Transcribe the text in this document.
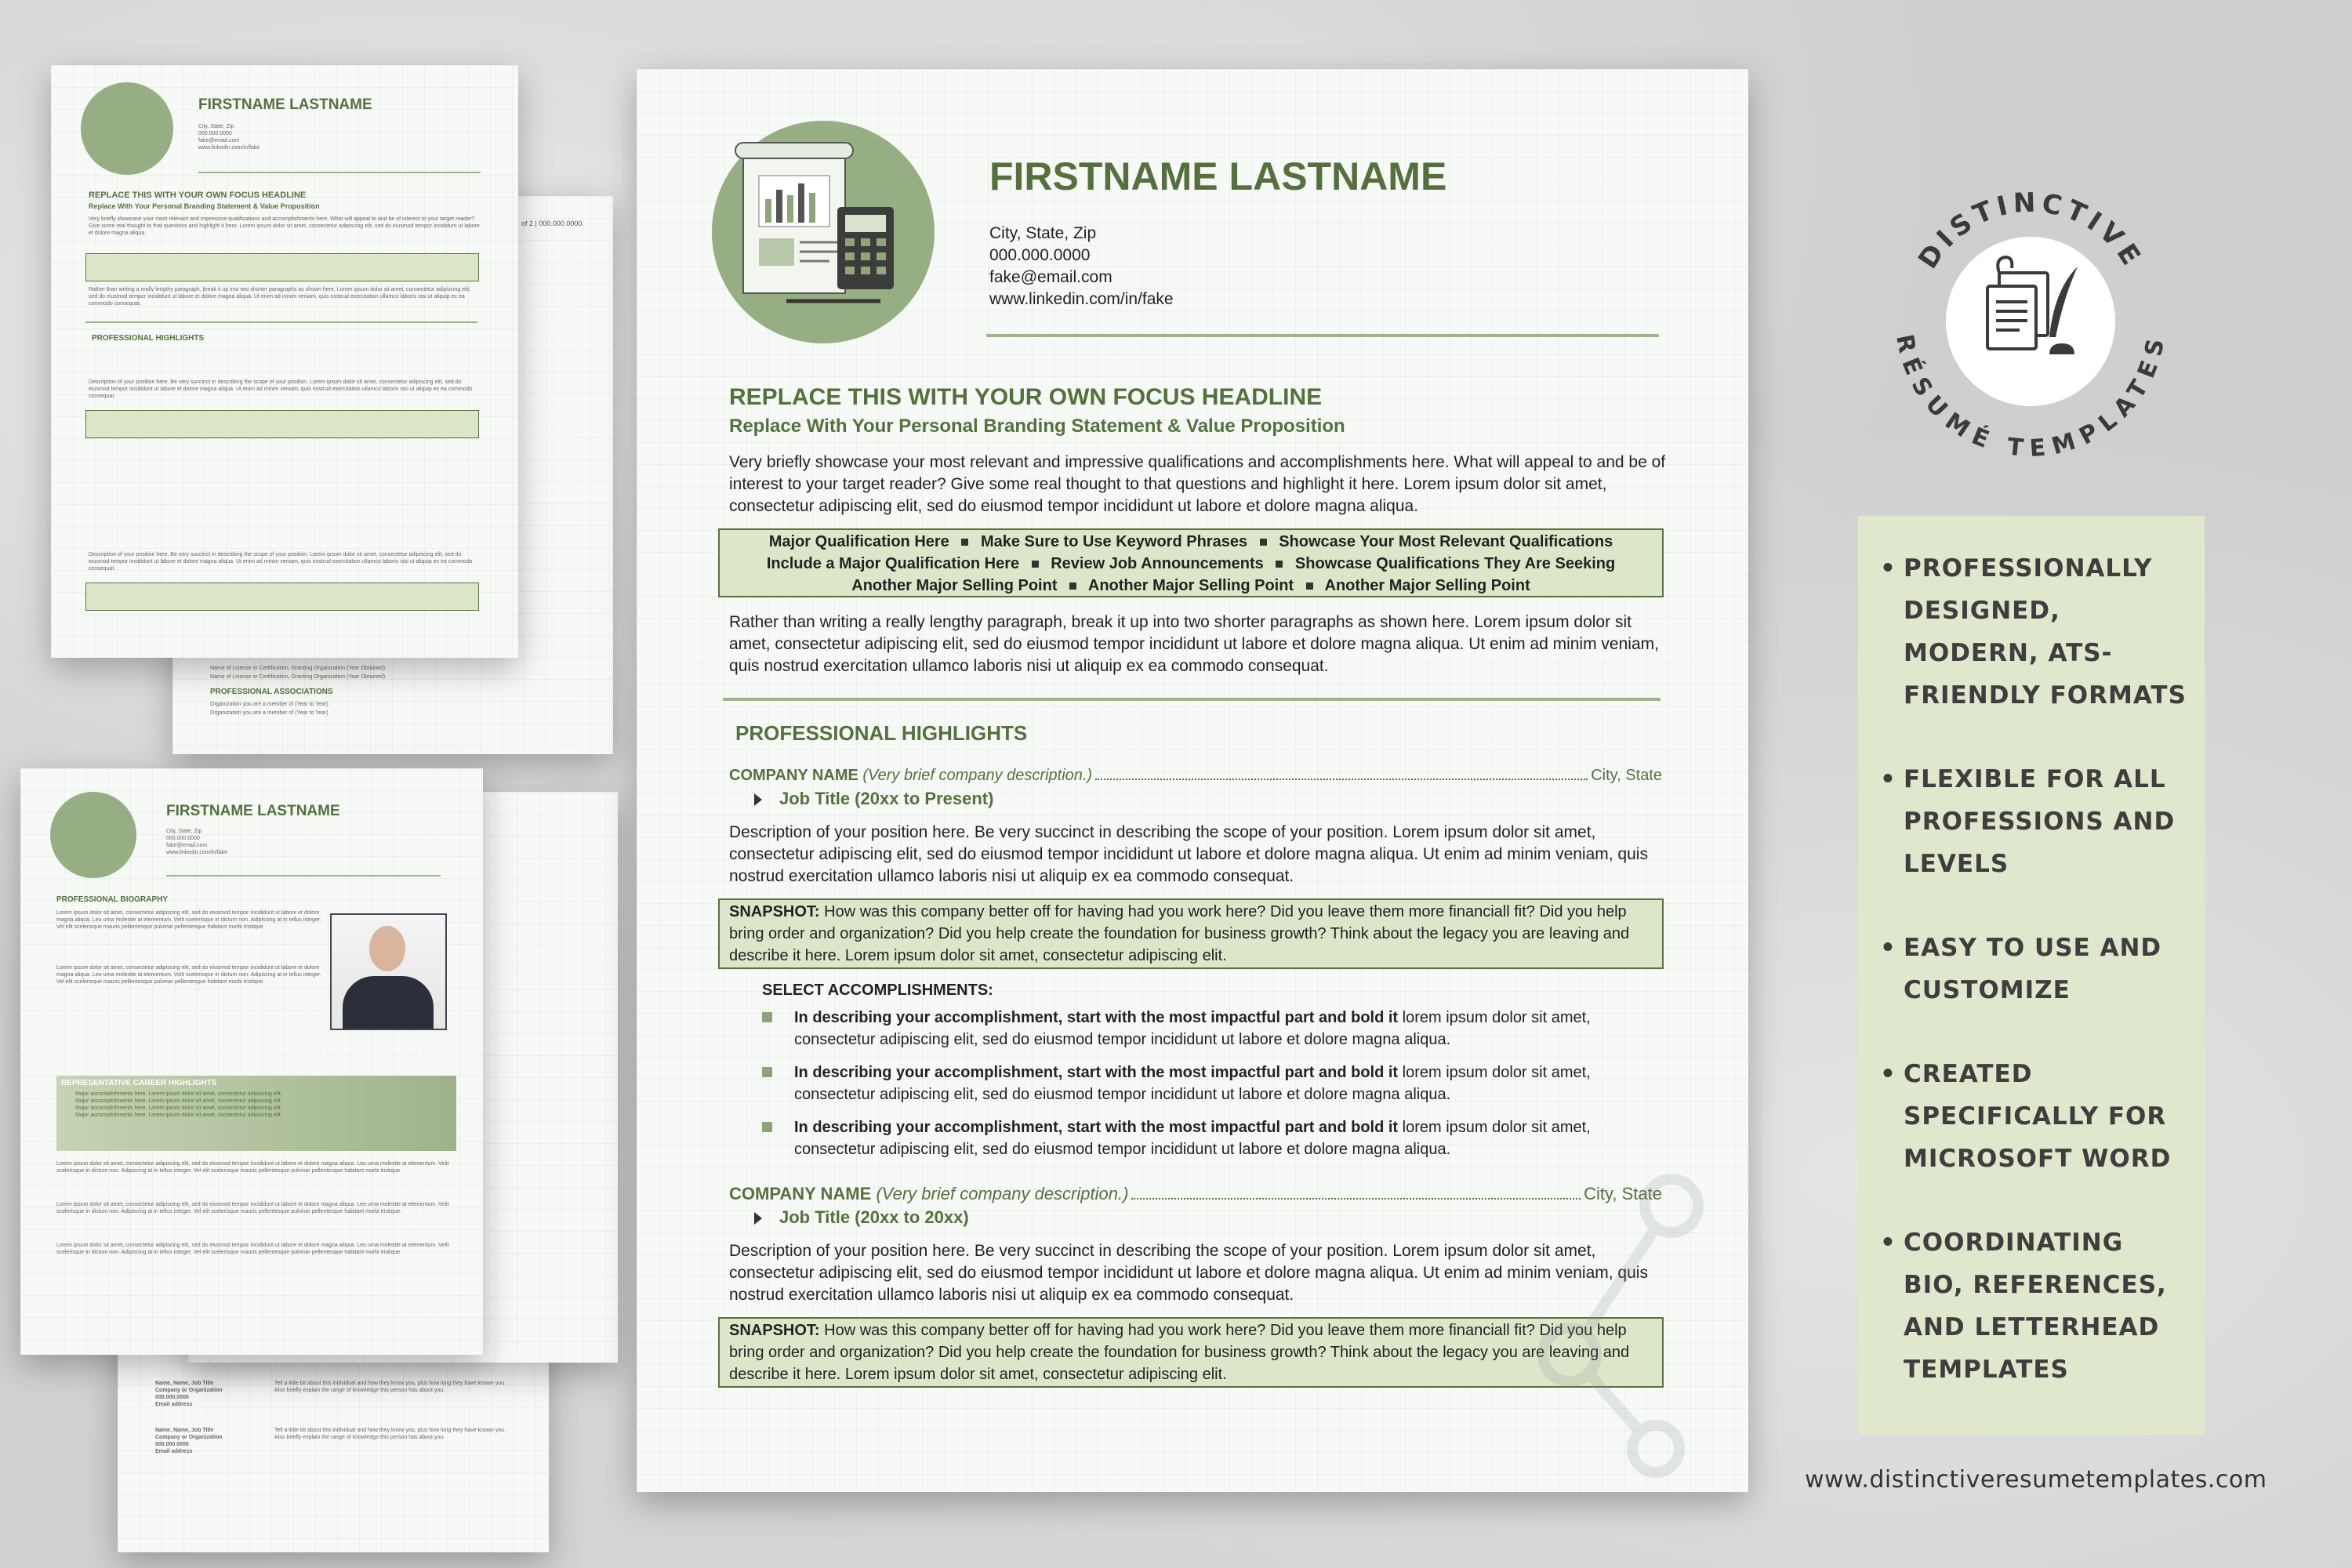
of 2 | 000.000.0000
Name of License or Certification, Granting Organization (Year Obtained)
Name of License or Certification, Granting Organization (Year Obtained)
PROFESSIONAL ASSOCIATIONS
Organization you are a member of (Year to Year)
Organization you are a member of (Year to Year)
FIRSTNAME LASTNAME
City, State, Zip
000.000.0000
fake@email.com
www.linkedin.com/in/fake
REPLACE THIS WITH YOUR OWN FOCUS HEADLINE
Replace With Your Personal Branding Statement & Value Proposition
Very briefly showcase your most relevant and impressive qualifications and accomplishments here. What will appeal to and be of interest to your target reader? Give some real thought to that questions and highlight it here. Lorem ipsum dolor sit amet, consectetur adipiscing elit, sed do eiusmod tempor incididunt ut labore et dolore magna aliqua.
Rather than writing a really lengthy paragraph, break it up into two shorter paragraphs as shown here. Lorem ipsum dolor sit amet, consectetur adipiscing elit, sed do eiusmod tempor incididunt ut labore et dolore magna aliqua. Ut enim ad minim veniam, quis nostrud exercitation ullamco laboris nisi ut aliquip ex ea commodo consequat.
PROFESSIONAL HIGHLIGHTS
Description of your position here. Be very succinct in describing the scope of your position. Lorem ipsum dolor sit amet, consectetur adipiscing elit, sed do eiusmod tempor incididunt ut labore et dolore magna aliqua. Ut enim ad minim veniam, quis nostrud exercitation ullamco laboris nisi ut aliquip ex ea commodo consequat.
Description of your position here. Be very succinct in describing the scope of your position. Lorem ipsum dolor sit amet, consectetur adipiscing elit, sed do eiusmod tempor incididunt ut labore et dolore magna aliqua. Ut enim ad minim veniam, quis nostrud exercitation ullamco laboris nisi ut aliquip ex ea commodo consequat.
Name, Name, Job Title
Company or Organization
000.000.0000
Email address
Tell a little bit about this individual and how they know you, plus how long they have known you. Also briefly explain the range of knowledge this person has about you.
Name, Name, Job Title
Company or Organization
000.000.0000
Email address
Tell a little bit about this individual and how they know you, plus how long they have known you. Also briefly explain the range of knowledge this person has about you.
FIRSTNAME LASTNAME
City, State, Zip
000.000.0000
fake@email.com
www.linkedin.com/in/fake
PROFESSIONAL BIOGRAPHY
Lorem ipsum dolor sit amet, consectetur adipiscing elit, sed do eiusmod tempor incididunt ut labore et dolore magna aliqua. Leo urna molestie at elementum. Velit scelerisque in dictum non. Adipiscing at in tellus integer. Vel elit scelerisque mauris pellentesque pulvinar pellentesque habitant morbi tristique.
Lorem ipsum dolor sit amet, consectetur adipiscing elit, sed do eiusmod tempor incididunt ut labore et dolore magna aliqua. Leo urna molestie at elementum. Velit scelerisque in dictum non. Adipiscing at in tellus integer. Vel elit scelerisque mauris pellentesque pulvinar pellentesque habitant morbi tristique.
REPRESENTATIVE CAREER HIGHLIGHTS
Major accomplishments here. Lorem ipsum dolor sit amet, consectetur adipiscing elit.
Major accomplishments here. Lorem ipsum dolor sit amet, consectetur adipiscing elit.
Major accomplishments here. Lorem ipsum dolor sit amet, consectetur adipiscing elit.
Major accomplishments here. Lorem ipsum dolor sit amet, consectetur adipiscing elit.
Lorem ipsum dolor sit amet, consectetur adipiscing elit, sed do eiusmod tempor incididunt ut labore et dolore magna aliqua. Leo urna molestie at elementum. Velit scelerisque in dictum non. Adipiscing at in tellus integer. Vel elit scelerisque mauris pellentesque pulvinar pellentesque habitant morbi tristique.
Lorem ipsum dolor sit amet, consectetur adipiscing elit, sed do eiusmod tempor incididunt ut labore et dolore magna aliqua. Leo urna molestie at elementum. Velit scelerisque in dictum non. Adipiscing at in tellus integer. Vel elit scelerisque mauris pellentesque pulvinar pellentesque habitant morbi tristique.
Lorem ipsum dolor sit amet, consectetur adipiscing elit, sed do eiusmod tempor incididunt ut labore et dolore magna aliqua. Leo urna molestie at elementum. Velit scelerisque in dictum non. Adipiscing at in tellus integer. Vel elit scelerisque mauris pellentesque pulvinar pellentesque habitant morbi tristique.
FIRSTNAME LASTNAME
City, State, Zip
000.000.0000
fake@email.com
www.linkedin.com/in/fake
REPLACE THIS WITH YOUR OWN FOCUS HEADLINE
Replace With Your Personal Branding Statement & Value Proposition
Very briefly showcase your most relevant and impressive qualifications and accomplishments here. What will appeal to and be of interest to your target reader? Give some real thought to that questions and highlight it here. Lorem ipsum dolor sit amet, consectetur adipiscing elit, sed do eiusmod tempor incididunt ut labore et dolore magna aliqua.
Major Qualification Here Make Sure to Use Keyword Phrases Showcase Your Most Relevant Qualifications
Include a Major Qualification Here Review Job Announcements Showcase Qualifications They Are Seeking
Another Major Selling Point Another Major Selling Point Another Major Selling Point
Rather than writing a really lengthy paragraph, break it up into two shorter paragraphs as shown here. Lorem ipsum dolor sit amet, consectetur adipiscing elit, sed do eiusmod tempor incididunt ut labore et dolore magna aliqua. Ut enim ad minim veniam, quis nostrud exercitation ullamco laboris nisi ut aliquip ex ea commodo consequat.
PROFESSIONAL HIGHLIGHTS
COMPANY NAME
(Very brief company description.)	City, State
Job Title (20xx to Present)
Description of your position here. Be very succinct in describing the scope of your position. Lorem ipsum dolor sit amet, consectetur adipiscing elit, sed do eiusmod tempor incididunt ut labore et dolore magna aliqua. Ut enim ad minim veniam, quis nostrud exercitation ullamco laboris nisi ut aliquip ex ea commodo consequat.
SNAPSHOT: How was this company better off for having had you work here? Did you leave them more financiall fit? Did you help bring order and organization? Did you help create the foundation for business growth? Think about the legacy you are leaving and describe it here. Lorem ipsum dolor sit amet, consectetur adipiscing elit.
SELECT ACCOMPLISHMENTS:
In describing your accomplishment, start with the most impactful part and bold it lorem ipsum dolor sit amet, consectetur adipiscing elit, sed do eiusmod tempor incididunt ut labore et dolore magna aliqua.
In describing your accomplishment, start with the most impactful part and bold it lorem ipsum dolor sit amet, consectetur adipiscing elit, sed do eiusmod tempor incididunt ut labore et dolore magna aliqua.
In describing your accomplishment, start with the most impactful part and bold it lorem ipsum dolor sit amet, consectetur adipiscing elit, sed do eiusmod tempor incididunt ut labore et dolore magna aliqua.
COMPANY NAME
(Very brief company description.)	City, State
Job Title (20xx to 20xx)
Description of your position here. Be very succinct in describing the scope of your position. Lorem ipsum dolor sit amet, consectetur adipiscing elit, sed do eiusmod tempor incididunt ut labore et dolore magna aliqua. Ut enim ad minim veniam, quis nostrud exercitation ullamco laboris nisi ut aliquip ex ea commodo consequat.
SNAPSHOT: How was this company better off for having had you work here? Did you leave them more financiall fit? Did you help bring order and organization? Did you help create the foundation for business growth? Think about the legacy you are leaving and describe it here. Lorem ipsum dolor sit amet, consectetur adipiscing elit.
DISTINCTIVE
RÉSUMÉ TEMPLATES
• PROFESSIONALLY DESIGNED, MODERN, ATS-FRIENDLY FORMATS
• FLEXIBLE FOR ALL PROFESSIONS AND LEVELS
• EASY TO USE AND CUSTOMIZE
• CREATED SPECIFICALLY FOR MICROSOFT WORD
• COORDINATING BIO, REFERENCES, AND LETTERHEAD TEMPLATES
www.distinctiveresumetemplates.com
